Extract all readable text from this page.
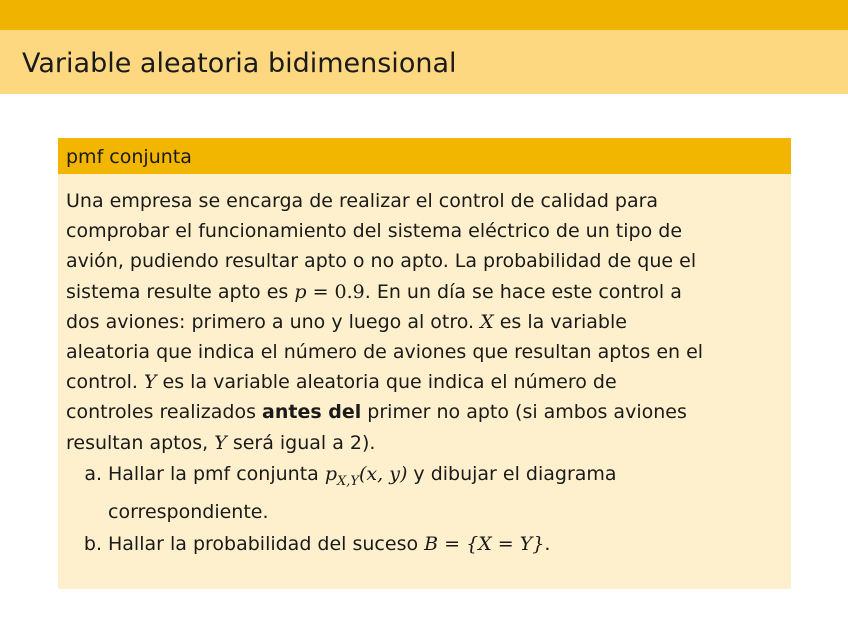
Variable aleatoria bidimensional
pmf conjunta
Una empresa se encarga de realizar el control de calidad para
comprobar el funcionamiento del sistema eléctrico de un tipo de
avión, pudiendo resultar apto o no apto. La probabilidad de que el
sistema resulte apto es p = 0.9. En un día se hace este control a
dos aviones: primero a uno y luego al otro. X es la variable
aleatoria que indica el número de aviones que resultan aptos en el
control. Y es la variable aleatoria que indica el número de
controles realizados antes del primer no apto (si ambos aviones
resultan aptos, Y será igual a 2).
a. Hallar la pmf conjunta $p_{X,Y}(x$, y) y dibujar el diagrama
correspondiente.
b. Hallar la probabilidad del suceso B = {X = Y}.
